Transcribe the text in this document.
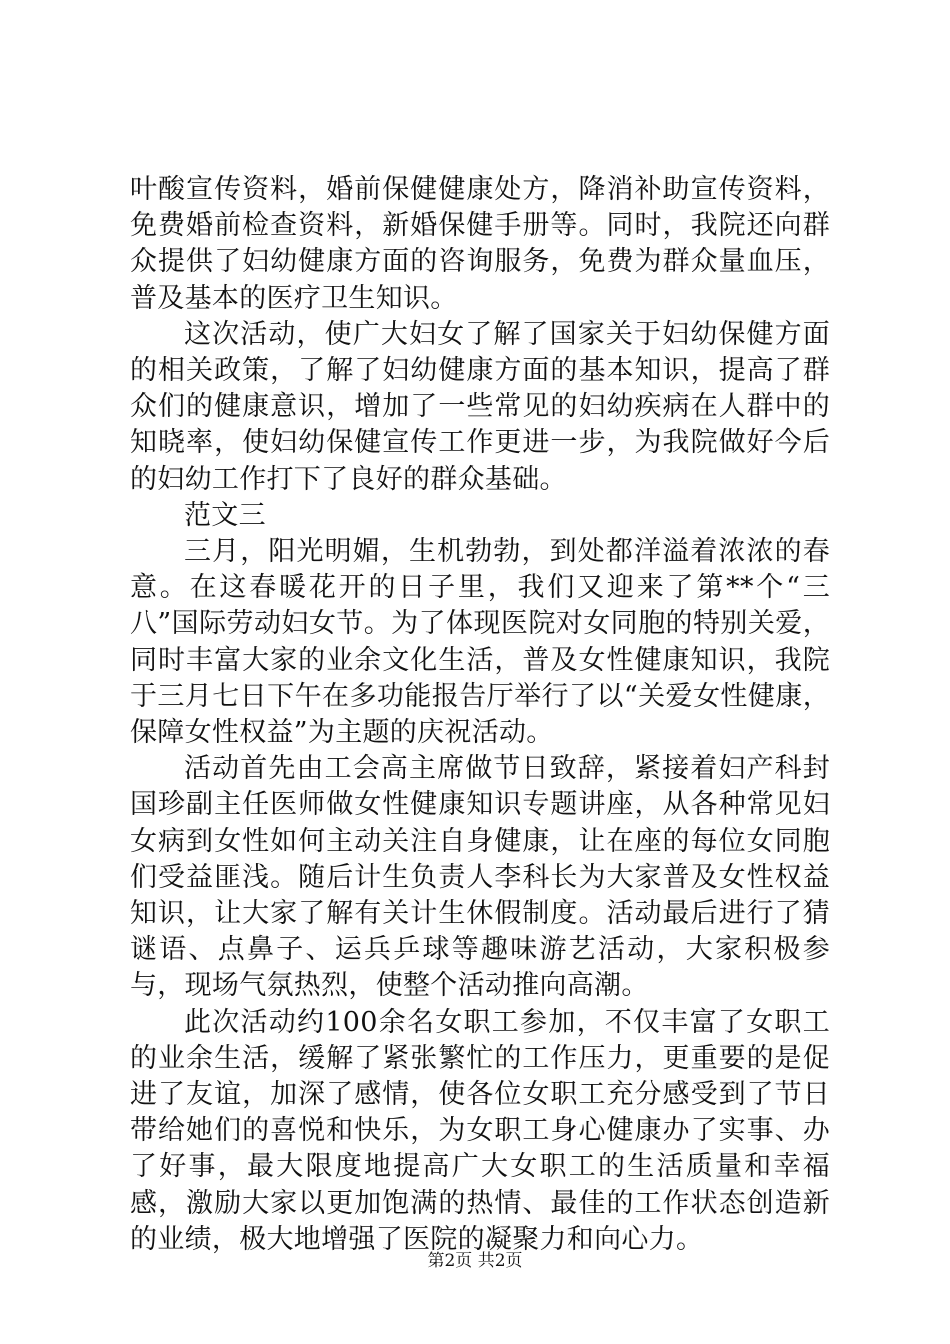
叶酸宣传资料，婚前保健健康处方，降消补助宣传资料，免费婚前检查资料，新婚保健手册等。同时，我院还向群众提供了妇幼健康方面的咨询服务，免费为群众量血压，普及基本的医疗卫生知识。

这次活动，使广大妇女了解了国家关于妇幼保健方面的相关政策，了解了妇幼健康方面的基本知识，提高了群众们的健康意识，增加了一些常见的妇幼疾病在人群中的知晓率，使妇幼保健宣传工作更进一步，为我院做好今后的妇幼工作打下了良好的群众基础。

范文三

三月，阳光明媚，生机勃勃，到处都洋溢着浓浓的春意。在这春暖花开的日子里，我们又迎来了第**个“三八”国际劳动妇女节。为了体现医院对女同胞的特别关爱，同时丰富大家的业余文化生活，普及女性健康知识，我院于三月七日下午在多功能报告厅举行了以“关爱女性健康，保障女性权益”为主题的庆祝活动。

活动首先由工会高主席做节日致辞，紧接着妇产科封国珍副主任医师做女性健康知识专题讲座，从各种常见妇女病到女性如何主动关注自身健康，让在座的每位女同胞们受益匪浅。随后计生负责人李科长为大家普及女性权益知识，让大家了解有关计生休假制度。活动最后进行了猜谜语、点鼻子、运兵乒球等趣味游艺活动，大家积极参与，现场气氛热烈，使整个活动推向高潮。

此次活动约100余名女职工参加，不仅丰富了女职工的业余生活，缓解了紧张繁忙的工作压力，更重要的是促进了友谊，加深了感情，使各位女职工充分感受到了节日带给她们的喜悦和快乐，为女职工身心健康办了实事、办了好事，最大限度地提高广大女职工的生活质量和幸福感，激励大家以更加饱满的热情、最佳的工作状态创造新的业绩，极大地增强了医院的凝聚力和向心力。

第2页 共2页
